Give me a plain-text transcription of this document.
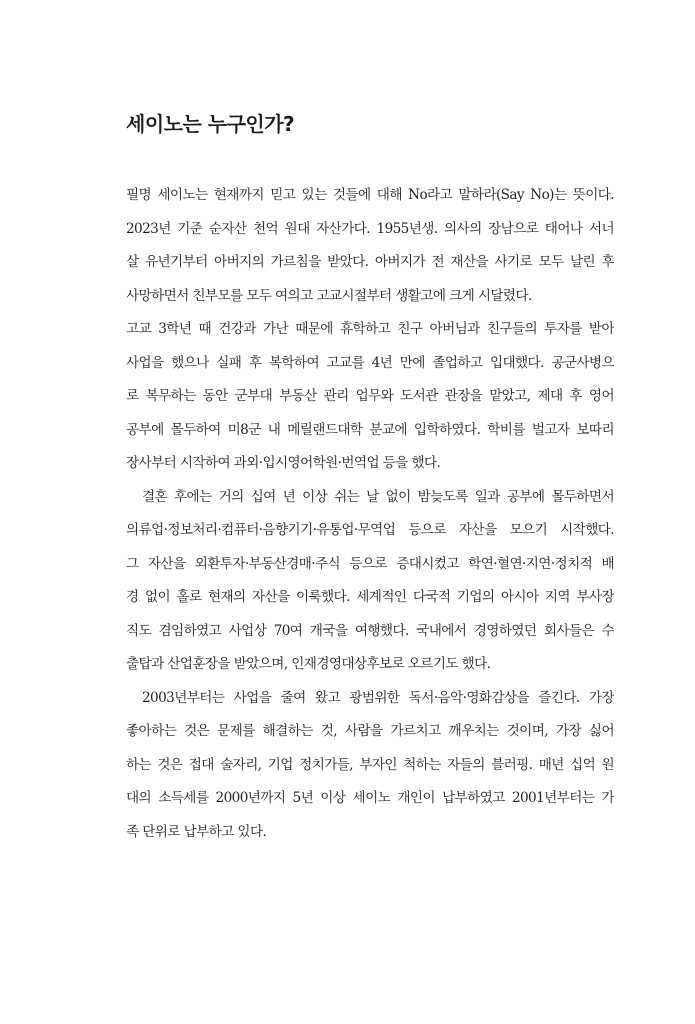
세이노는 누구인가?
필명 세이노는 현재까지 믿고 있는 것들에 대해 No라고 말하라(Say No)는 뜻이다.
2023년 기준 순자산 천억 원대 자산가다. 1955년생. 의사의 장남으로 태어나 서너
살 유년기부터 아버지의 가르침을 받았다. 아버지가 전 재산을 사기로 모두 날린 후
사망하면서 친부모를 모두 여의고 고교시절부터 생활고에 크게 시달렸다.
고교 3학년 때 건강과 가난 때문에 휴학하고 친구 아버님과 친구들의 투자를 받아
사업을 했으나 실패 후 복학하여 고교를 4년 만에 졸업하고 입대했다. 공군사병으
로 복무하는 동안 군부대 부동산 관리 업무와 도서관 관장을 맡았고, 제대 후 영어
공부에 몰두하여 미8군 내 메릴랜드대학 분교에 입학하였다. 학비를 벌고자 보따리
장사부터 시작하여 과외·입시영어학원·번역업 등을 했다.
결혼 후에는 거의 십여 년 이상 쉬는 날 없이 밤늦도록 일과 공부에 몰두하면서
의류업·정보처리·컴퓨터·음향기기·유통업·무역업 등으로 자산을 모으기 시작했다.
그 자산을 외환투자·부동산경매·주식 등으로 증대시켰고 학연·혈연·지연·정치적 배
경 없이 홀로 현재의 자산을 이룩했다. 세계적인 다국적 기업의 아시아 지역 부사장
직도 겸임하였고 사업상 70여 개국을 여행했다. 국내에서 경영하였던 회사들은 수
출탑과 산업훈장을 받았으며, 인재경영대상후보로 오르기도 했다.
2003년부터는 사업을 줄여 왔고 광범위한 독서·음악·영화감상을 즐긴다. 가장
좋아하는 것은 문제를 해결하는 것, 사람을 가르치고 깨우치는 것이며, 가장 싫어
하는 것은 접대 술자리, 기업 정치가들, 부자인 척하는 자들의 블러핑. 매년 십억 원
대의 소득세를 2000년까지 5년 이상 세이노 개인이 납부하였고 2001년부터는 가
족 단위로 납부하고 있다.
